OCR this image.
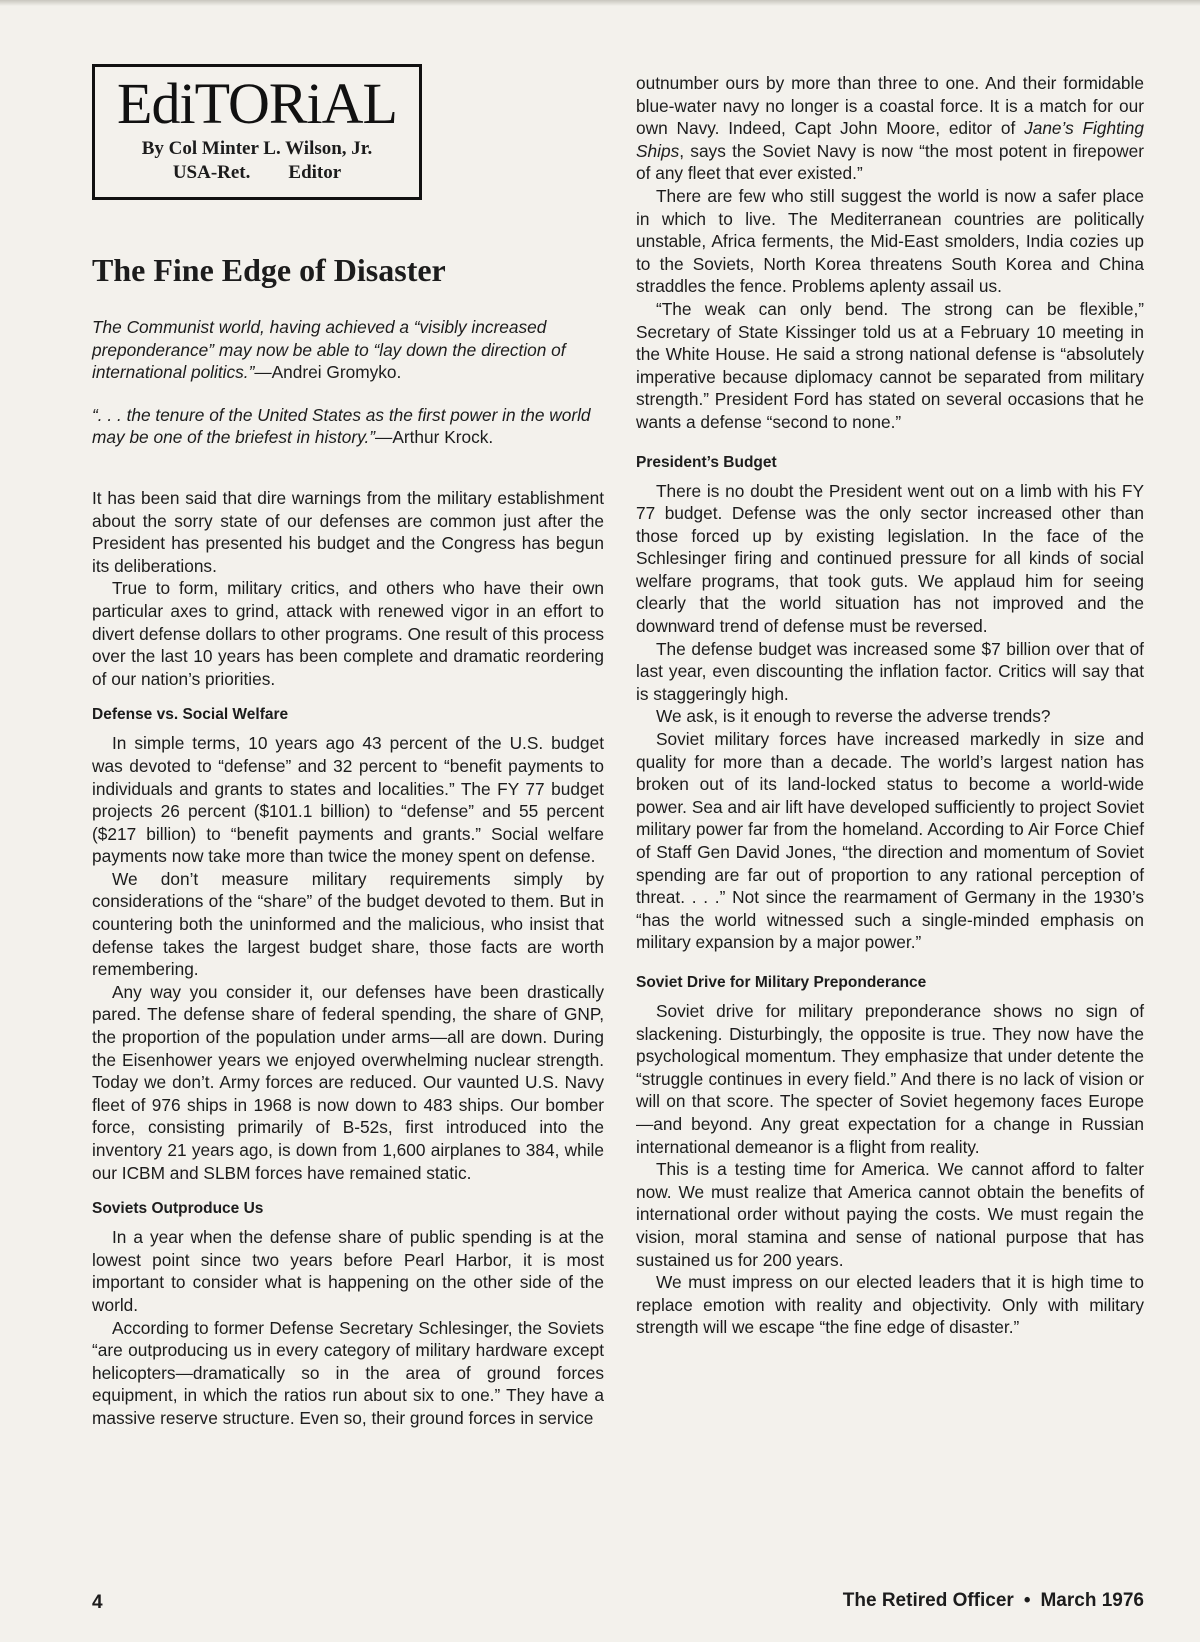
EdiTORiAL
By Col Minter L. Wilson, Jr.
USA-Ret. Editor
The Fine Edge of Disaster

The Communist world, having achieved a “visibly increased preponderance” may now be able to “lay down the direction of international politics.”—Andrei Gromyko.

“. . . the tenure of the United States as the first power in the world may be one of the briefest in history.”—Arthur Krock.

It has been said that dire warnings from the military establishment about the sorry state of our defenses are common just after the President has presented his budget and the Congress has begun its deliberations.

True to form, military critics, and others who have their own particular axes to grind, attack with renewed vigor in an effort to divert defense dollars to other programs. One result of this process over the last 10 years has been complete and dramatic reordering of our nation’s priorities.

Defense vs. Social Welfare

In simple terms, 10 years ago 43 percent of the U.S. budget was devoted to “defense” and 32 percent to “benefit payments to individuals and grants to states and localities.” The FY 77 budget projects 26 percent ($101.1 billion) to “defense” and 55 percent ($217 billion) to “benefit payments and grants.” Social welfare payments now take more than twice the money spent on defense.

We don’t measure military requirements simply by considerations of the “share” of the budget devoted to them. But in countering both the uninformed and the malicious, who insist that defense takes the largest budget share, those facts are worth remembering.

Any way you consider it, our defenses have been drastically pared. The defense share of federal spending, the share of GNP, the proportion of the population under arms—all are down. During the Eisenhower years we enjoyed overwhelming nuclear strength. Today we don’t. Army forces are reduced. Our vaunted U.S. Navy fleet of 976 ships in 1968 is now down to 483 ships. Our bomber force, consisting primarily of B-52s, first introduced into the inventory 21 years ago, is down from 1,600 airplanes to 384, while our ICBM and SLBM forces have remained static.

Soviets Outproduce Us

In a year when the defense share of public spending is at the lowest point since two years before Pearl Harbor, it is most important to consider what is happening on the other side of the world.

According to former Defense Secretary Schlesinger, the Soviets “are outproducing us in every category of military hardware except helicopters—dramatically so in the area of ground forces equipment, in which the ratios run about six to one.” They have a massive reserve structure. Even so, their ground forces in service

outnumber ours by more than three to one. And their formidable blue-water navy no longer is a coastal force. It is a match for our own Navy. Indeed, Capt John Moore, editor of Jane’s Fighting Ships, says the Soviet Navy is now “the most potent in firepower of any fleet that ever existed.”

There are few who still suggest the world is now a safer place in which to live. The Mediterranean countries are politically unstable, Africa ferments, the Mid-East smolders, India cozies up to the Soviets, North Korea threatens South Korea and China straddles the fence. Problems aplenty assail us.

“The weak can only bend. The strong can be flexible,” Secretary of State Kissinger told us at a February 10 meeting in the White House. He said a strong national defense is “absolutely imperative because diplomacy cannot be separated from military strength.” President Ford has stated on several occasions that he wants a defense “second to none.”

President’s Budget

There is no doubt the President went out on a limb with his FY 77 budget. Defense was the only sector increased other than those forced up by existing legislation. In the face of the Schlesinger firing and continued pressure for all kinds of social welfare programs, that took guts. We applaud him for seeing clearly that the world situation has not improved and the downward trend of defense must be reversed.

The defense budget was increased some $7 billion over that of last year, even discounting the inflation factor. Critics will say that is staggeringly high.

We ask, is it enough to reverse the adverse trends?

Soviet military forces have increased markedly in size and quality for more than a decade. The world’s largest nation has broken out of its land-locked status to become a world-wide power. Sea and air lift have developed sufficiently to project Soviet military power far from the homeland. According to Air Force Chief of Staff Gen David Jones, “the direction and momentum of Soviet spending are far out of proportion to any rational perception of threat. . . .” Not since the rearmament of Germany in the 1930’s “has the world witnessed such a single-minded emphasis on military expansion by a major power.”

Soviet Drive for Military Preponderance

Soviet drive for military preponderance shows no sign of slackening. Disturbingly, the opposite is true. They now have the psychological momentum. They emphasize that under detente the “struggle continues in every field.” And there is no lack of vision or will on that score. The specter of Soviet hegemony faces Europe—and beyond. Any great expectation for a change in Russian international demeanor is a flight from reality.

This is a testing time for America. We cannot afford to falter now. We must realize that America cannot obtain the benefits of international order without paying the costs. We must regain the vision, moral stamina and sense of national purpose that has sustained us for 200 years.

We must impress on our elected leaders that it is high time to replace emotion with reality and objectivity. Only with military strength will we escape “the fine edge of disaster.”

4	The Retired Officer • March 1976
